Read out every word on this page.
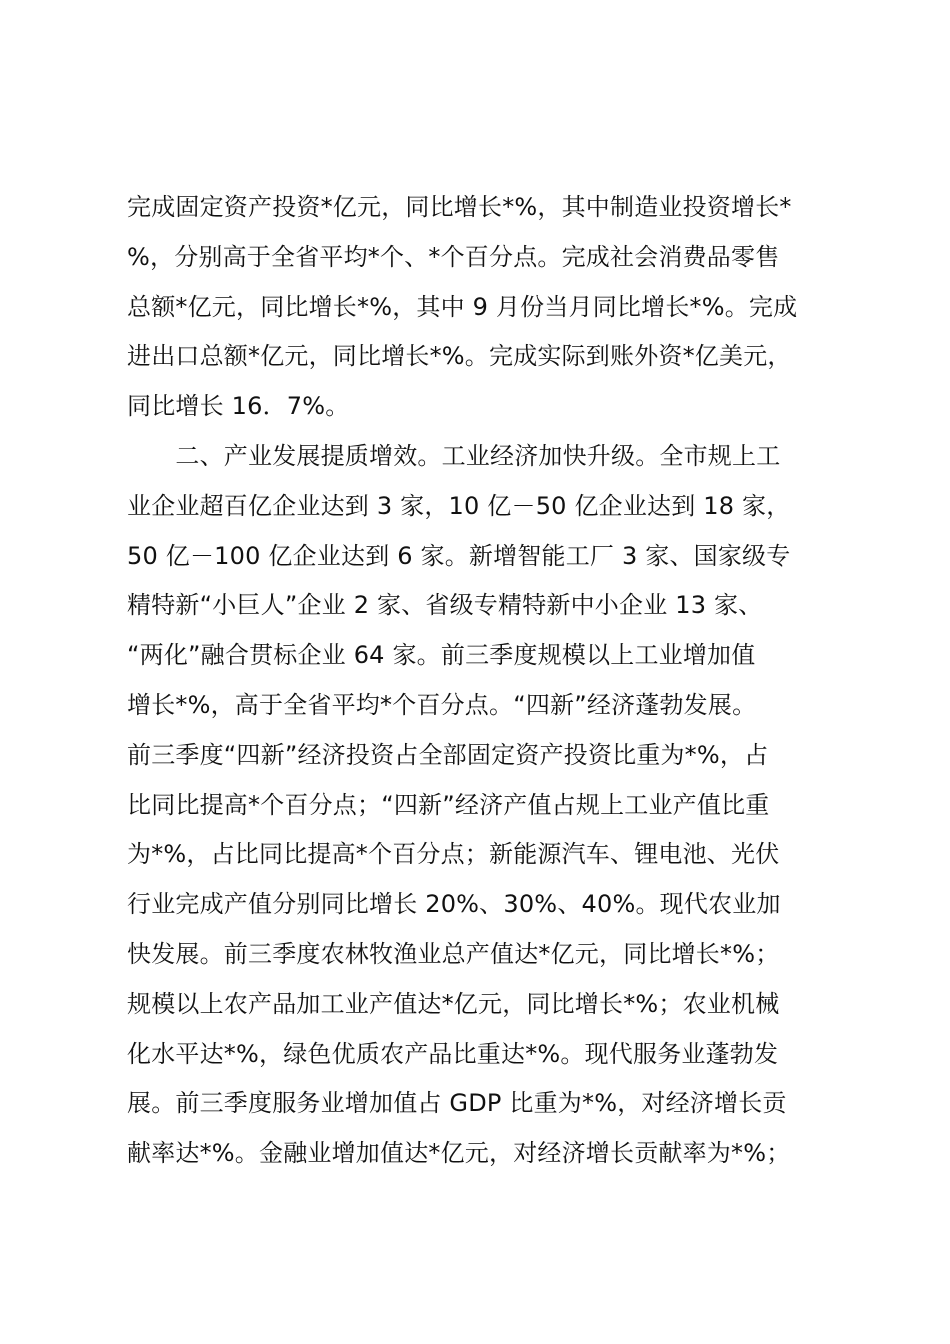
完成固定资产投资*亿元，同比增长*%，其中制造业投资增长*
%，分别高于全省平均*个、*个百分点。完成社会消费品零售
总额*亿元，同比增长*%，其中 9 月份当月同比增长*%。完成
进出口总额*亿元，同比增长*%。完成实际到账外资*亿美元，
同比增长 16．7%。
　　二、产业发展提质增效。工业经济加快升级。全市规上工
业企业超百亿企业达到 3 家，10 亿－50 亿企业达到 18 家，
50 亿－100 亿企业达到 6 家。新增智能工厂 3 家、国家级专
精特新“小巨人”企业 2 家、省级专精特新中小企业 13 家、
“两化”融合贯标企业 64 家。前三季度规模以上工业增加值
增长*%，高于全省平均*个百分点。“四新”经济蓬勃发展。
前三季度“四新”经济投资占全部固定资产投资比重为*%，占
比同比提高*个百分点；“四新”经济产值占规上工业产值比重
为*%，占比同比提高*个百分点；新能源汽车、锂电池、光伏
行业完成产值分别同比增长 20%、30%、40%。现代农业加
快发展。前三季度农林牧渔业总产值达*亿元，同比增长*%；
规模以上农产品加工业产值达*亿元，同比增长*%；农业机械
化水平达*%，绿色优质农产品比重达*%。现代服务业蓬勃发
展。前三季度服务业增加值占 GDP 比重为*%，对经济增长贡
献率达*%。金融业增加值达*亿元，对经济增长贡献率为*%；
